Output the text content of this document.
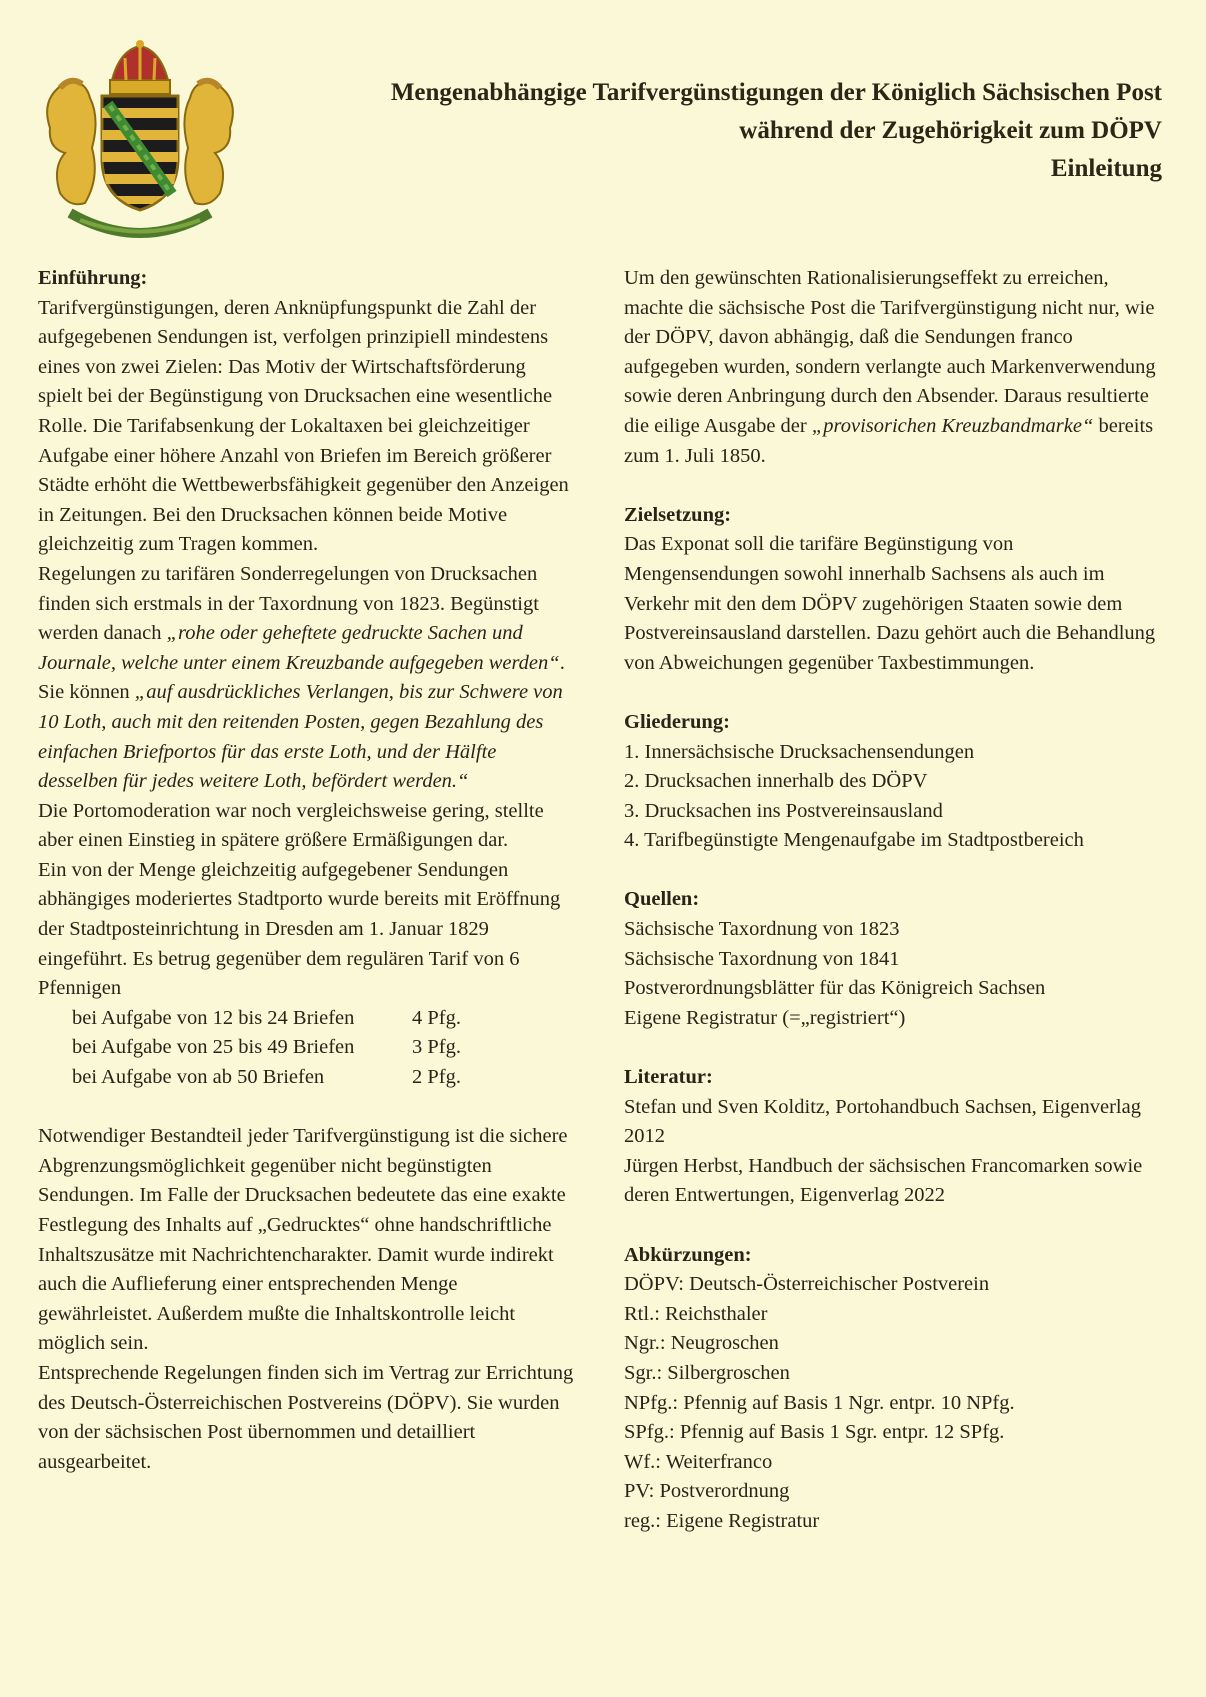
Mengenabhängige Tarifvergünstigungen der Königlich Sächsischen Post
während der Zugehörigkeit zum DÖPV
Einleitung

Einführung:

Tarifvergünstigungen, deren Anknüpfungspunkt die Zahl der aufgegebenen Sendungen ist, verfolgen prinzipiell mindestens eines von zwei Zielen: Das Motiv der Wirtschaftsförderung spielt bei der Begünstigung von Drucksachen eine wesentliche Rolle. Die Tarifabsenkung der Lokaltaxen bei gleichzeitiger Aufgabe einer höhere Anzahl von Briefen im Bereich größerer Städte erhöht die Wettbewerbsfähigkeit gegenüber den Anzeigen in Zeitungen. Bei den Drucksachen können beide Motive gleichzeitig zum Tragen kommen.

Regelungen zu tarifären Sonderregelungen von Drucksachen finden sich erstmals in der Taxordnung von 1823. Begünstigt werden danach „rohe oder geheftete gedruckte Sachen und Journale, welche unter einem Kreuzbande aufgegeben werden“. Sie können „auf ausdrückliches Verlangen, bis zur Schwere von 10 Loth, auch mit den reitenden Posten, gegen Bezahlung des einfachen Briefportos für das erste Loth, und der Hälfte desselben für jedes weitere Loth, befördert werden.“

Die Portomoderation war noch vergleichsweise gering, stellte aber einen Einstieg in spätere größere Ermäßigungen dar.

Ein von der Menge gleichzeitig aufgegebener Sendungen abhängiges moderiertes Stadtporto wurde bereits mit Eröffnung der Stadtposteinrichtung in Dresden am 1. Januar 1829 eingeführt. Es betrug gegenüber dem regulären Tarif von 6 Pfennigen

bei Aufgabe von 12 bis 24 Briefen	4 Pfg.
bei Aufgabe von 25 bis 49 Briefen	3 Pfg.
bei Aufgabe von ab 50 Briefen	2 Pfg.

Notwendiger Bestandteil jeder Tarifvergünstigung ist die sichere Abgrenzungsmöglichkeit gegenüber nicht begünstigten Sendungen. Im Falle der Drucksachen bedeutete das eine exakte Festlegung des Inhalts auf „Gedrucktes“ ohne handschriftliche Inhaltszusätze mit Nachrichtencharakter. Damit wurde indirekt auch die Auflieferung einer entsprechenden Menge gewährleistet. Außerdem mußte die Inhaltskontrolle leicht möglich sein.

Entsprechende Regelungen finden sich im Vertrag zur Errichtung des Deutsch-Österreichischen Postvereins (DÖPV). Sie wurden von der sächsischen Post übernommen und detailliert ausgearbeitet.

Um den gewünschten Rationalisierungseffekt zu erreichen, machte die sächsische Post die Tarifvergünstigung nicht nur, wie der DÖPV, davon abhängig, daß die Sendungen franco aufgegeben wurden, sondern verlangte auch Markenverwendung sowie deren Anbringung durch den Absender. Daraus resultierte die eilige Ausgabe der „provisorichen Kreuzbandmarke“ bereits zum 1. Juli 1850.

Zielsetzung:

Das Exponat soll die tarifäre Begünstigung von Mengensendungen sowohl innerhalb Sachsens als auch im Verkehr mit den dem DÖPV zugehörigen Staaten sowie dem Postvereinsausland darstellen. Dazu gehört auch die Behandlung von Abweichungen gegenüber Taxbestimmungen.

Gliederung:

1. Innersächsische Drucksachensendungen
2. Drucksachen innerhalb des DÖPV
3. Drucksachen ins Postvereinsausland
4. Tarifbegünstigte Mengenaufgabe im Stadtpostbereich

Quellen:

Sächsische Taxordnung von 1823
Sächsische Taxordnung von 1841
Postverordnungsblätter für das Königreich Sachsen
Eigene Registratur (=„registriert“)

Literatur:

Stefan und Sven Kolditz, Portohandbuch Sachsen, Eigenverlag 2012
Jürgen Herbst, Handbuch der sächsischen Francomarken sowie deren Entwertungen, Eigenverlag 2022

Abkürzungen:

DÖPV: Deutsch-Österreichischer Postverein
Rtl.: Reichsthaler
Ngr.: Neugroschen
Sgr.: Silbergroschen
NPfg.: Pfennig auf Basis 1 Ngr. entpr. 10 NPfg.
SPfg.: Pfennig auf Basis 1 Sgr. entpr. 12 SPfg.
Wf.: Weiterfranco
PV: Postverordnung
reg.: Eigene Registratur
